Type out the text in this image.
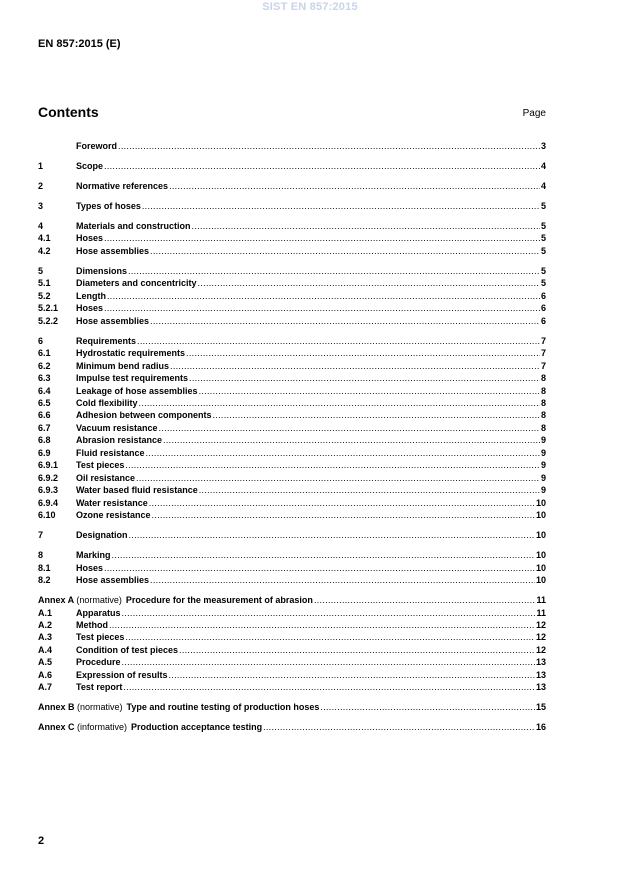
SIST EN 857:2015
EN 857:2015 (E)
Contents	Page
Foreword .....	3
1	Scope .....	4
2	Normative references .....	4
3	Types of hoses .....	5
4	Materials and construction .....	5
4.1	Hoses .....	5
4.2	Hose assemblies .....	5
5	Dimensions .....	5
5.1	Diameters and concentricity .....	5
5.2	Length .....	6
5.2.1	Hoses .....	6
5.2.2	Hose assemblies .....	6
6	Requirements .....	7
6.1	Hydrostatic requirements .....	7
6.2	Minimum bend radius .....	7
6.3	Impulse test requirements .....	8
6.4	Leakage of hose assemblies .....	8
6.5	Cold flexibility .....	8
6.6	Adhesion between components .....	8
6.7	Vacuum resistance .....	8
6.8	Abrasion resistance .....	9
6.9	Fluid resistance .....	9
6.9.1	Test pieces .....	9
6.9.2	Oil resistance .....	9
6.9.3	Water based fluid resistance .....	9
6.9.4	Water resistance .....	10
6.10	Ozone resistance .....	10
7	Designation .....	10
8	Marking .....	10
8.1	Hoses .....	10
8.2	Hose assemblies .....	10
Annex A (normative) Procedure for the measurement of abrasion .....	11
A.1	Apparatus .....	11
A.2	Method .....	12
A.3	Test pieces .....	12
A.4	Condition of test pieces .....	12
A.5	Procedure .....	13
A.6	Expression of results .....	13
A.7	Test report .....	13
Annex B (normative) Type and routine testing of production hoses .....	15
Annex C (informative) Production acceptance testing .....	16
2
